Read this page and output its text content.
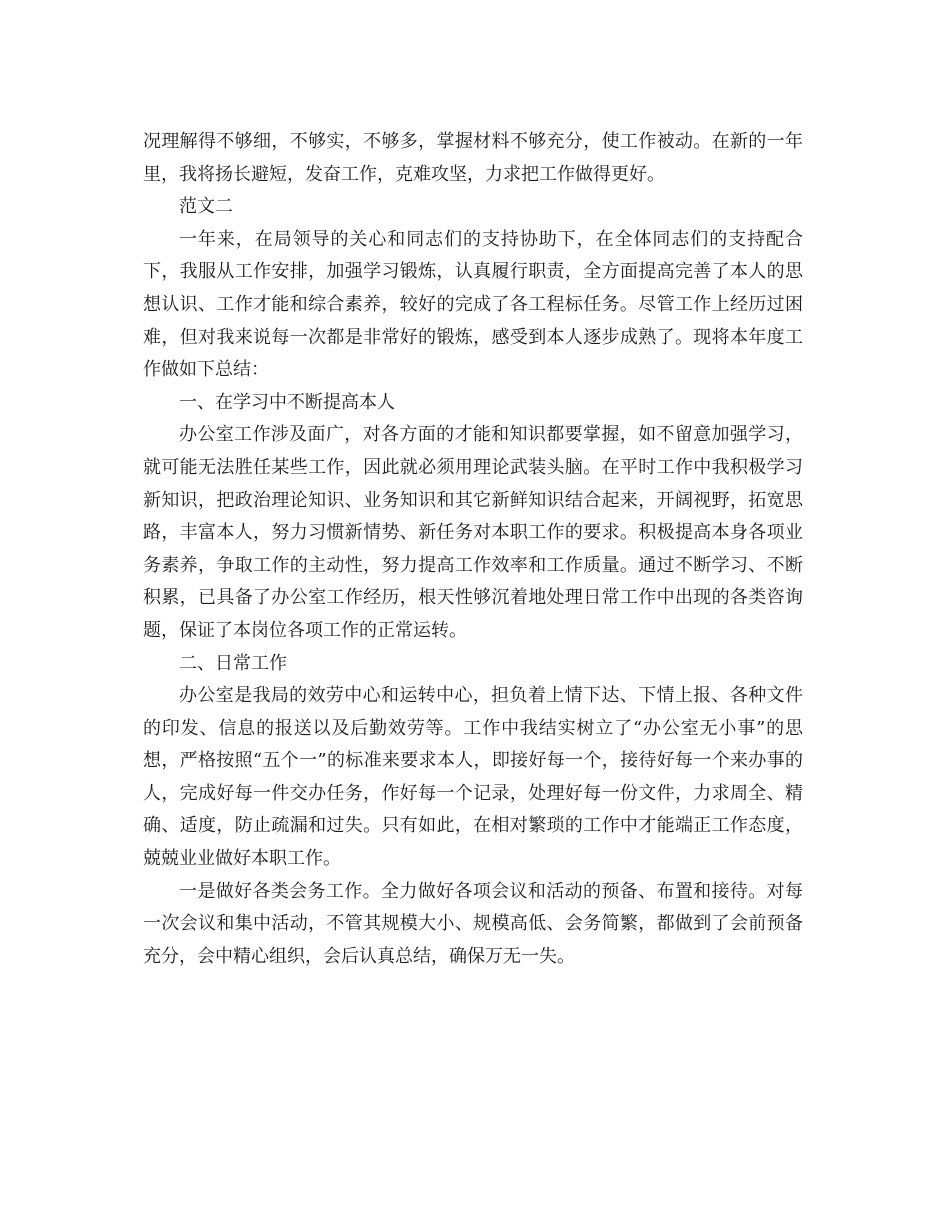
况理解得不够细，不够实，不够多，掌握材料不够充分，使工作被动。在新的一年里，我将扬长避短，发奋工作，克难攻坚，力求把工作做得更好。

范文二

一年来，在局领导的关心和同志们的支持协助下，在全体同志们的支持配合下，我服从工作安排，加强学习锻炼，认真履行职责，全方面提高完善了本人的思想认识、工作才能和综合素养，较好的完成了各工程标任务。尽管工作上经历过困难，但对我来说每一次都是非常好的锻炼，感受到本人逐步成熟了。现将本年度工作做如下总结：

一、在学习中不断提高本人

办公室工作涉及面广，对各方面的才能和知识都要掌握，如不留意加强学习，就可能无法胜任某些工作，因此就必须用理论武装头脑。在平时工作中我积极学习新知识，把政治理论知识、业务知识和其它新鲜知识结合起来，开阔视野，拓宽思路，丰富本人，努力习惯新情势、新任务对本职工作的要求。积极提高本身各项业务素养，争取工作的主动性，努力提高工作效率和工作质量。通过不断学习、不断积累，已具备了办公室工作经历，根天性够沉着地处理日常工作中出现的各类咨询题，保证了本岗位各项工作的正常运转。

二、日常工作

办公室是我局的效劳中心和运转中心，担负着上情下达、下情上报、各种文件的印发、信息的报送以及后勤效劳等。工作中我结实树立了“办公室无小事”的思想，严格按照“五个一”的标准来要求本人，即接好每一个，接待好每一个来办事的人，完成好每一件交办任务，作好每一个记录，处理好每一份文件，力求周全、精确、适度，防止疏漏和过失。只有如此，在相对繁琐的工作中才能端正工作态度，兢兢业业做好本职工作。

一是做好各类会务工作。全力做好各项会议和活动的预备、布置和接待。对每一次会议和集中活动，不管其规模大小、规模高低、会务简繁，都做到了会前预备充分，会中精心组织，会后认真总结，确保万无一失。
